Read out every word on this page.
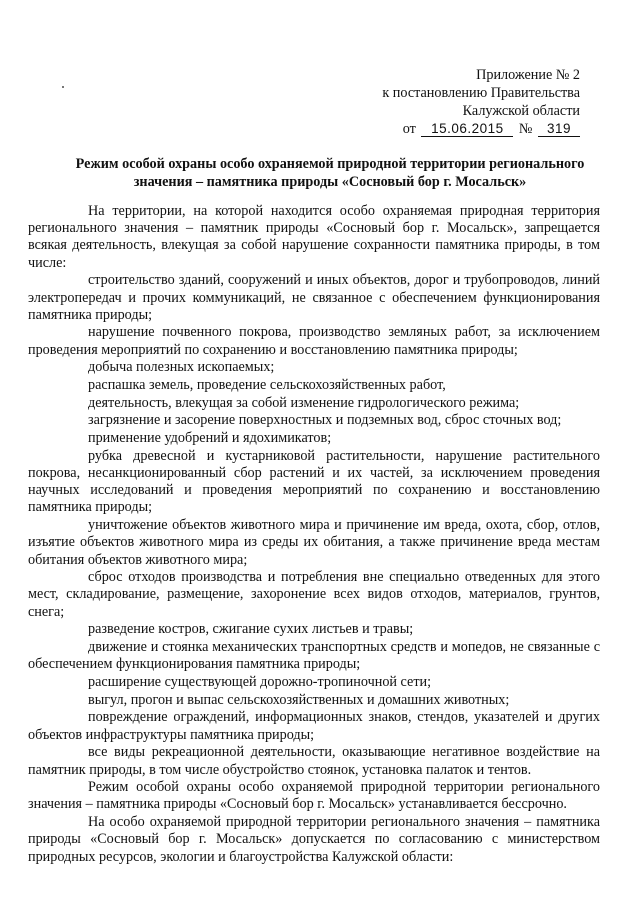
Приложение № 2
к постановлению Правительства
Калужской области
от 15.06.2015 № 319
Режим особой охраны особо охраняемой природной территории регионального
значения – памятника природы «Сосновый бор г. Мосальск»
На территории, на которой находится особо охраняемая природная территория
регионального значения – памятник природы «Сосновый бор г. Мосальск», запрещается
всякая деятельность, влекущая за собой нарушение сохранности памятника природы, в том
числе:
строительство зданий, сооружений и иных объектов, дорог и трубопроводов, линий
электропередач и прочих коммуникаций, не связанное с обеспечением функционирования
памятника природы;
нарушение почвенного покрова, производство земляных работ, за исключением
проведения мероприятий по сохранению и восстановлению памятника природы;
добыча полезных ископаемых;
распашка земель, проведение сельскохозяйственных работ,
деятельность, влекущая за собой изменение гидрологического режима;
загрязнение и засорение поверхностных и подземных вод, сброс сточных вод;
применение удобрений и ядохимикатов;
рубка древесной и кустарниковой растительности, нарушение растительного
покрова, несанкционированный сбор растений и их частей, за исключением проведения
научных исследований и проведения мероприятий по сохранению и восстановлению
памятника природы;
уничтожение объектов животного мира и причинение им вреда, охота, сбор, отлов,
изъятие объектов животного мира из среды их обитания, а также причинение вреда местам
обитания объектов животного мира;
сброс отходов производства и потребления вне специально отведенных для этого
мест, складирование, размещение, захоронение всех видов отходов, материалов, грунтов,
снега;
разведение костров, сжигание сухих листьев и травы;
движение и стоянка механических транспортных средств и мопедов, не связанные с
обеспечением функционирования памятника природы;
расширение существующей дорожно-тропиночной сети;
выгул, прогон и выпас сельскохозяйственных и домашних животных;
повреждение ограждений, информационных знаков, стендов, указателей и других
объектов инфраструктуры памятника природы;
все виды рекреационной деятельности, оказывающие негативное воздействие на
памятник природы, в том числе обустройство стоянок, установка палаток и тентов.
Режим особой охраны особо охраняемой природной территории регионального
значения – памятника природы «Сосновый бор г. Мосальск» устанавливается бессрочно.
На особо охраняемой природной территории регионального значения – памятника
природы «Сосновый бор г. Мосальск» допускается по согласованию с министерством
природных ресурсов, экологии и благоустройства Калужской области:
